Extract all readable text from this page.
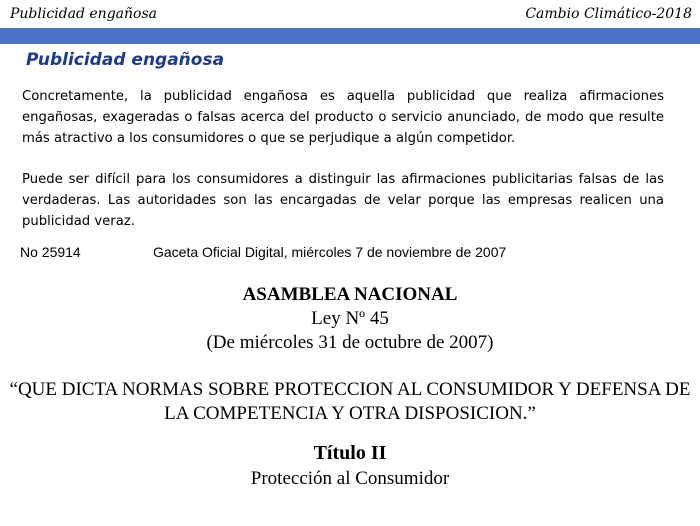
Publicidad engañosa	Cambio Climático-2018
Publicidad engañosa
Concretamente, la publicidad engañosa es aquella publicidad que realiza afirmaciones engañosas, exageradas o falsas acerca del producto o servicio anunciado, de modo que resulte más atractivo a los consumidores o que se perjudique a algún competidor.
Puede ser difícil para los consumidores a distinguir las afirmaciones publicitarias falsas de las verdaderas. Las autoridades son las encargadas de velar porque las empresas realicen una publicidad veraz.
No 25914	Gaceta Oficial Digital, miércoles 7 de noviembre de 2007
ASAMBLEA NACIONAL
Ley Nº 45
(De miércoles 31 de octubre de 2007)
“QUE DICTA NORMAS SOBRE PROTECCION AL CONSUMIDOR Y DEFENSA DE LA COMPETENCIA Y OTRA DISPOSICION.”
Título II
Protección al Consumidor
